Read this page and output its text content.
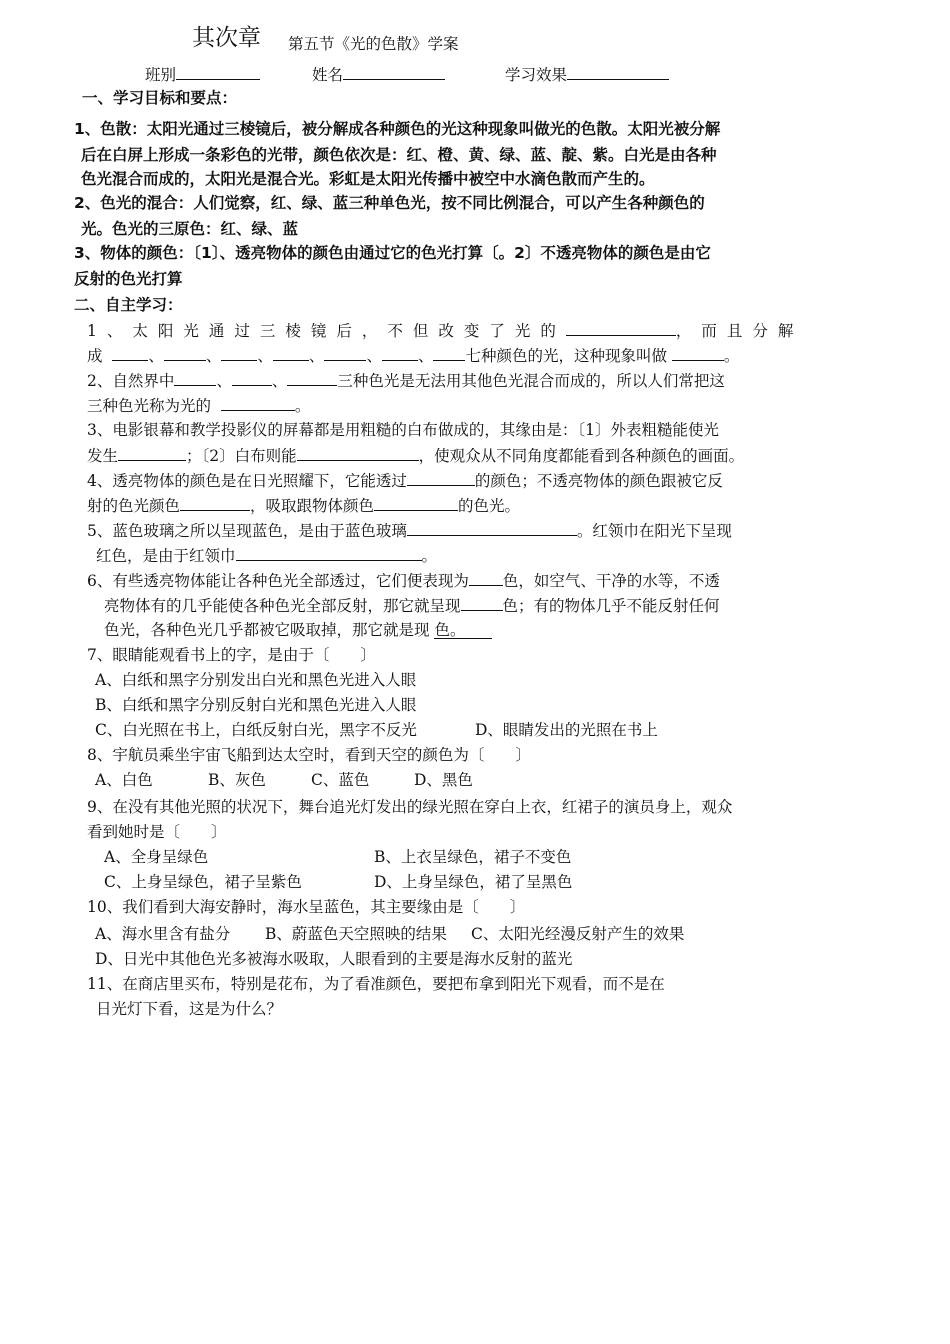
其次章 第五节《光的色散》学案
班别	姓名	学习效果
一、学习目标和要点：
1、色散：太阳光通过三棱镜后，被分解成各种颜色的光这种现象叫做光的色散。太阳光被分解
后在白屏上形成一条彩色的光带，颜色依次是：红、橙、黄、绿、蓝、靛、紫。白光是由各种
色光混合而成的，太阳光是混合光。彩虹是太阳光传播中被空中水滴色散而产生的。
2、色光的混合：人们觉察，红、绿、蓝三种单色光，按不同比例混合，可以产生各种颜色的
光。色光的三原色：红、绿、蓝
3、物体的颜色：〔1〕、透亮物体的颜色由通过它的色光打算〔。2〕不透亮物体的颜色是由它
反射的色光打算
二、自主学习：
1、太阳光通过三棱镜后，不但改变了光的	，而且分解
成	、	、 、 、	、 、 七种颜色的光，这种现象叫做	。
2、自然界中	、	、	三种色光是无法用其他色光混合而成的，所以人们常把这
三种色光称为光的	。
3、电影银幕和教学投影仪的屏幕都是用粗糙的白布做成的，其缘由是：〔1〕外表粗糙能使光
发生	；〔2〕白布则能	，使观众从不同角度都能看到各种颜色的画面。
4、透亮物体的颜色是在日光照耀下，它能透过	的颜色；不透亮物体的颜色跟被它反
射的色光颜色	，吸取跟物体颜色	的色光。
5、蓝色玻璃之所以呈现蓝色，是由于蓝色玻璃	。红领巾在阳光下呈现
红色，是由于红领巾	。
6、有些透亮物体能让各种色光全部透过，它们便表现为 色，如空气、干净的水等，不透
亮物体有的几乎能使各种色光全部反射，那它就呈现	色；有的物体几乎不能反射任何
色光，各种色光几乎都被它吸取掉，那它就是现 色。
7、眼睛能观看书上的字，是由于〔　　〕
A、白纸和黑字分别发出白光和黑色光进入人眼
B、白纸和黑字分别反射白光和黑色光进入人眼
C、白光照在书上，白纸反射白光，黑字不反光	D、眼睛发出的光照在书上
8、宇航员乘坐宇宙飞船到达太空时，看到天空的颜色为〔　　〕
A、白色	B、灰色	C、蓝色	D、黑色
9、在没有其他光照的状况下，舞台追光灯发出的绿光照在穿白上衣，红裙子的演员身上，观众
看到她时是〔　　〕
A、全身呈绿色	B、上衣呈绿色，裙子不变色
C、上身呈绿色，裙子呈紫色	D、上身呈绿色，裙了呈黑色
10、我们看到大海安静时，海水呈蓝色，其主要缘由是〔　　〕
A、海水里含有盐分 B、蔚蓝色天空照映的结果 C、太阳光经漫反射产生的效果
D、日光中其他色光多被海水吸取，人眼看到的主要是海水反射的蓝光
11、在商店里买布，特别是花布，为了看准颜色，要把布拿到阳光下观看，而不是在
日光灯下看，这是为什么？
